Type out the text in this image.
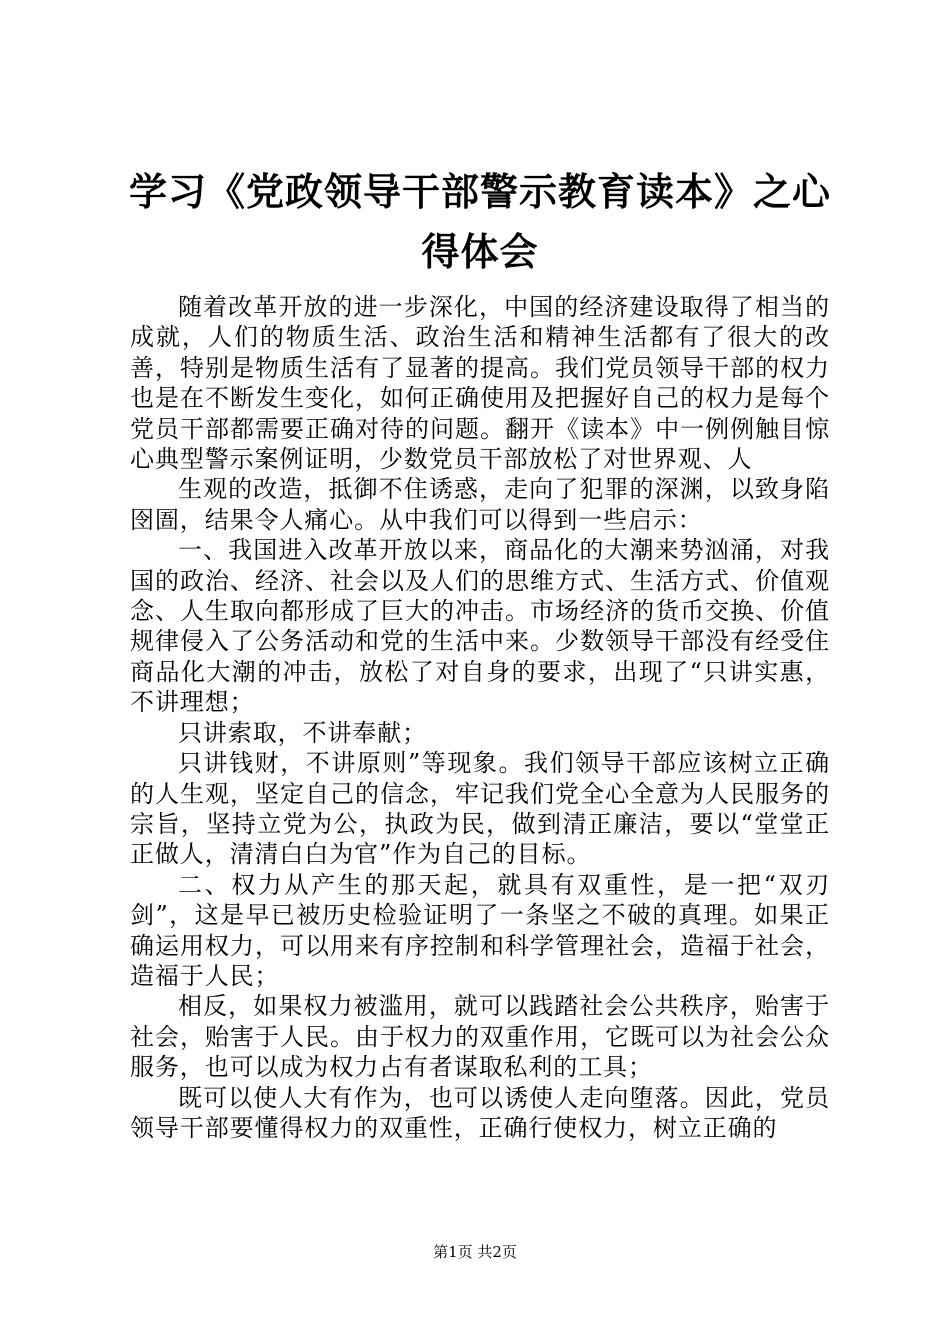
学习《党政领导干部警示教育读本》之心得体会

随着改革开放的进一步深化，中国的经济建设取得了相当的成就，人们的物质生活、政治生活和精神生活都有了很大的改善，特别是物质生活有了显著的提高。我们党员领导干部的权力也是在不断发生变化，如何正确使用及把握好自己的权力是每个党员干部都需要正确对待的问题。翻开《读本》中一例例触目惊心典型警示案例证明，少数党员干部放松了对世界观、人

生观的改造，抵御不住诱惑，走向了犯罪的深渊，以致身陷囹圄，结果令人痛心。从中我们可以得到一些启示：

一、我国进入改革开放以来，商品化的大潮来势汹涌，对我国的政治、经济、社会以及人们的思维方式、生活方式、价值观念、人生取向都形成了巨大的冲击。市场经济的货币交换、价值规律侵入了公务活动和党的生活中来。少数领导干部没有经受住商品化大潮的冲击，放松了对自身的要求，出现了“只讲实惠，不讲理想；

只讲索取，不讲奉献；

只讲钱财，不讲原则”等现象。我们领导干部应该树立正确的人生观，坚定自己的信念，牢记我们党全心全意为人民服务的宗旨，坚持立党为公，执政为民，做到清正廉洁，要以“堂堂正正做人，清清白白为官”作为自己的目标。

二、权力从产生的那天起，就具有双重性，是一把“双刃剑”，这是早已被历史检验证明了一条坚之不破的真理。如果正确运用权力，可以用来有序控制和科学管理社会，造福于社会，造福于人民；

相反，如果权力被滥用，就可以践踏社会公共秩序，贻害于社会，贻害于人民。由于权力的双重作用，它既可以为社会公众服务，也可以成为权力占有者谋取私利的工具；

既可以使人大有作为，也可以诱使人走向堕落。因此，党员领导干部要懂得权力的双重性，正确行使权力，树立正确的

第1页 共2页
